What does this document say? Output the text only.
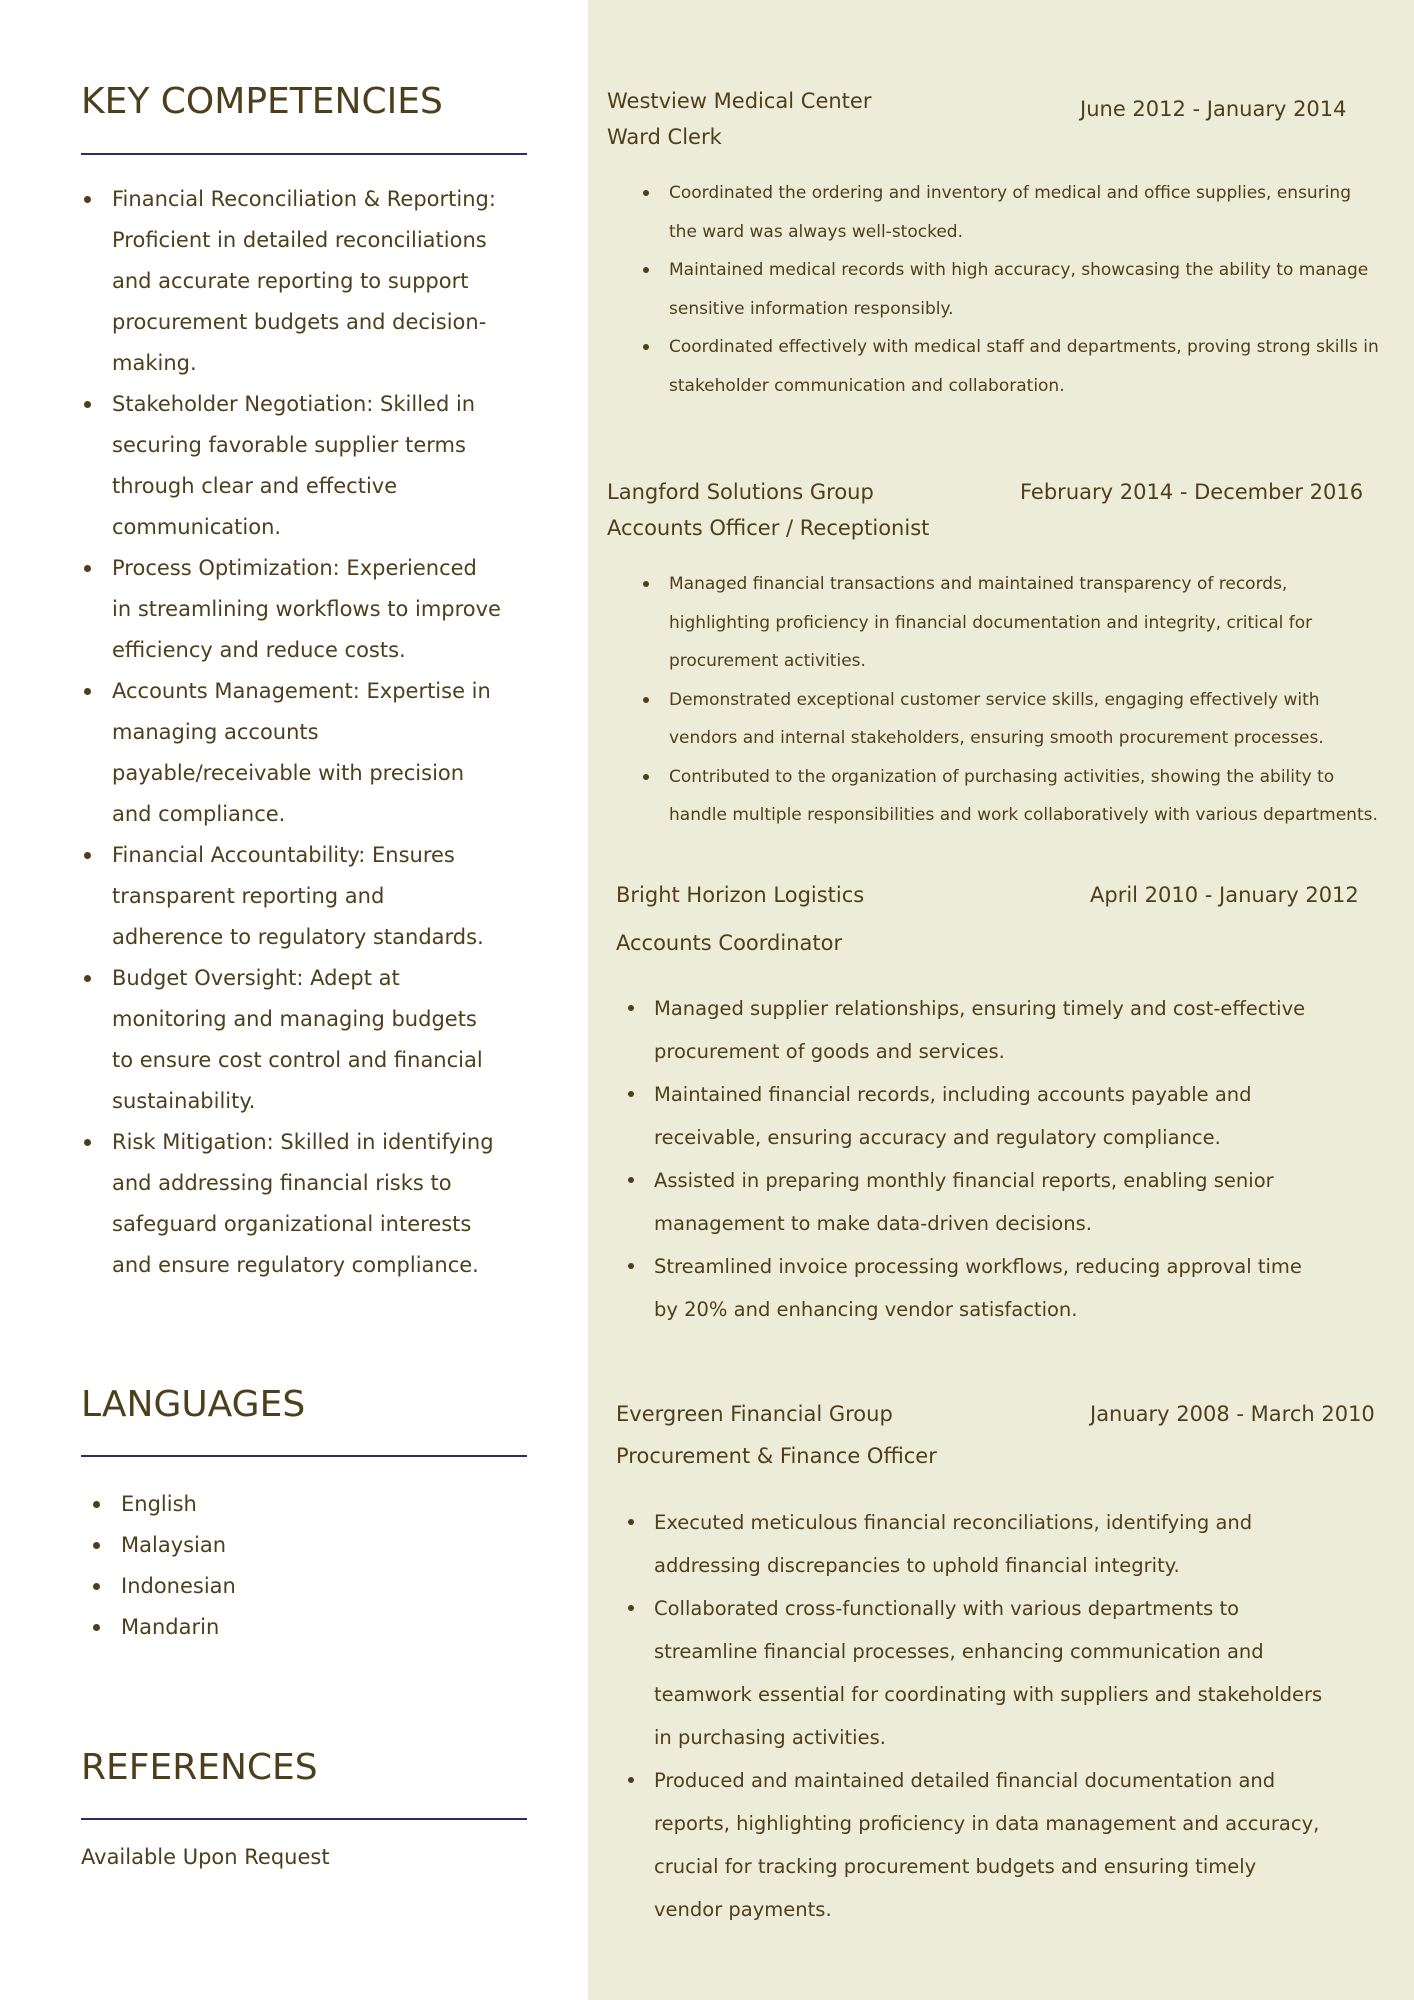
KEY COMPETENCIES
Financial Reconciliation & Reporting: Proficient in detailed reconciliations and accurate reporting to support procurement budgets and decision-making.
Stakeholder Negotiation: Skilled in securing favorable supplier terms through clear and effective communication.
Process Optimization: Experienced in streamlining workflows to improve efficiency and reduce costs.
Accounts Management: Expertise in managing accounts payable/receivable with precision and compliance.
Financial Accountability: Ensures transparent reporting and adherence to regulatory standards.
Budget Oversight: Adept at monitoring and managing budgets to ensure cost control and financial sustainability.
Risk Mitigation: Skilled in identifying and addressing financial risks to safeguard organizational interests and ensure regulatory compliance.
LANGUAGES
English
Malaysian
Indonesian
Mandarin
REFERENCES

Available Upon Request

Westview Medical Center

Ward Clerk

June 2012 - January 2014

Coordinated the ordering and inventory of medical and office supplies, ensuring the ward was always well-stocked.
Maintained medical records with high accuracy, showcasing the ability to manage sensitive information responsibly.
Coordinated effectively with medical staff and departments, proving strong skills in stakeholder communication and collaboration.

Langford Solutions Group

Accounts Officer / Receptionist

February 2014 - December 2016

Managed financial transactions and maintained transparency of records, highlighting proficiency in financial documentation and integrity, critical for procurement activities.
Demonstrated exceptional customer service skills, engaging effectively with vendors and internal stakeholders, ensuring smooth procurement processes.
Contributed to the organization of purchasing activities, showing the ability to handle multiple responsibilities and work collaboratively with various departments.

Bright Horizon Logistics

Accounts Coordinator

April 2010 - January 2012

Managed supplier relationships, ensuring timely and cost-effective procurement of goods and services.
Maintained financial records, including accounts payable and receivable, ensuring accuracy and regulatory compliance.
Assisted in preparing monthly financial reports, enabling senior management to make data-driven decisions.
Streamlined invoice processing workflows, reducing approval time by 20% and enhancing vendor satisfaction.

Evergreen Financial Group

Procurement & Finance Officer

January 2008 - March 2010

Executed meticulous financial reconciliations, identifying and addressing discrepancies to uphold financial integrity.
Collaborated cross-functionally with various departments to streamline financial processes, enhancing communication and teamwork essential for coordinating with suppliers and stakeholders in purchasing activities.
Produced and maintained detailed financial documentation and reports, highlighting proficiency in data management and accuracy, crucial for tracking procurement budgets and ensuring timely vendor payments.
